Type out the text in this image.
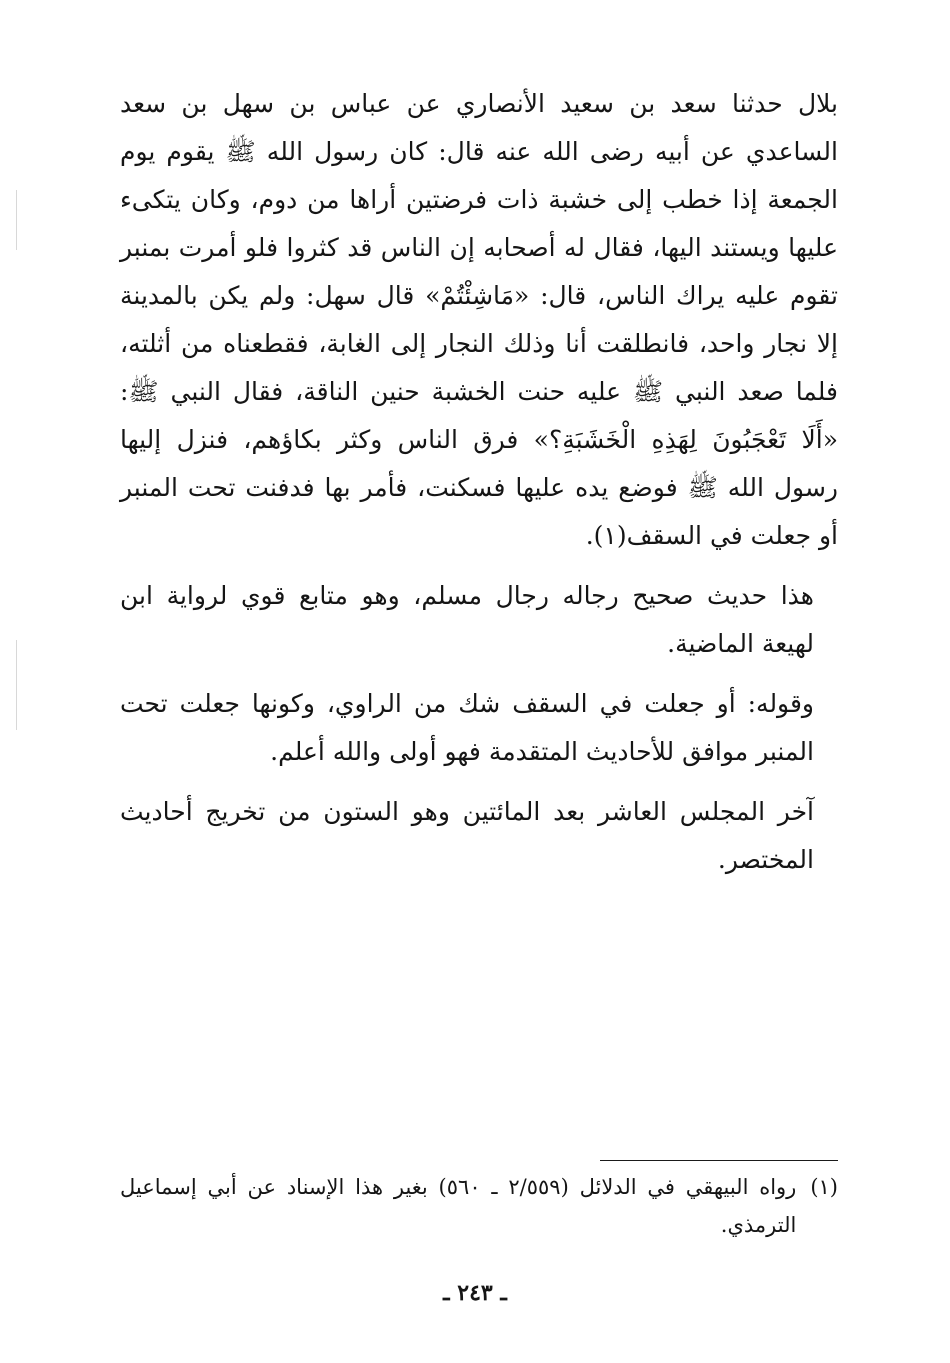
بلال حدثنا سعد بن سعيد الأنصاري عن عباس بن سهل بن سعد الساعدي عن أبيه رضى الله عنه قال: كان رسول الله ﷺ يقوم يوم الجمعة إذا خطب إلى خشبة ذات فرضتين أراها من دوم، وكان يتكىء عليها ويستند اليها، فقال له أصحابه إن الناس قد كثروا فلو أمرت بمنبر تقوم عليه يراك الناس، قال: «مَاشِئْتُمْ» قال سهل: ولم يكن بالمدينة إلا نجار واحد، فانطلقت أنا وذلك النجار إلى الغابة، فقطعناه من أثلته، فلما صعد النبي ﷺ عليه حنت الخشبة حنين الناقة، فقال النبي ﷺ: «أَلَا تَعْجَبُونَ لِهَذِهِ الْخَشَبَةِ؟» فرق الناس وكثر بكاؤهم، فنزل إليها رسول الله ﷺ فوضع يده عليها فسكنت، فأمر بها فدفنت تحت المنبر أو جعلت في السقف(١).

هذا حديث صحيح رجاله رجال مسلم، وهو متابع قوي لرواية ابن لهيعة الماضية.

وقوله: أو جعلت في السقف شك من الراوي، وكونها جعلت تحت المنبر موافق للأحاديث المتقدمة فهو أولى والله أعلم.

آخر المجلس العاشر بعد المائتين وهو الستون من تخريج أحاديث المختصر.

(١)
رواه البيهقي في الدلائل (٢/٥٥٩ ـ ٥٦٠) بغير هذا الإسناد عن أبي إسماعيل الترمذي.
ـ ٢٤٣ ـ
